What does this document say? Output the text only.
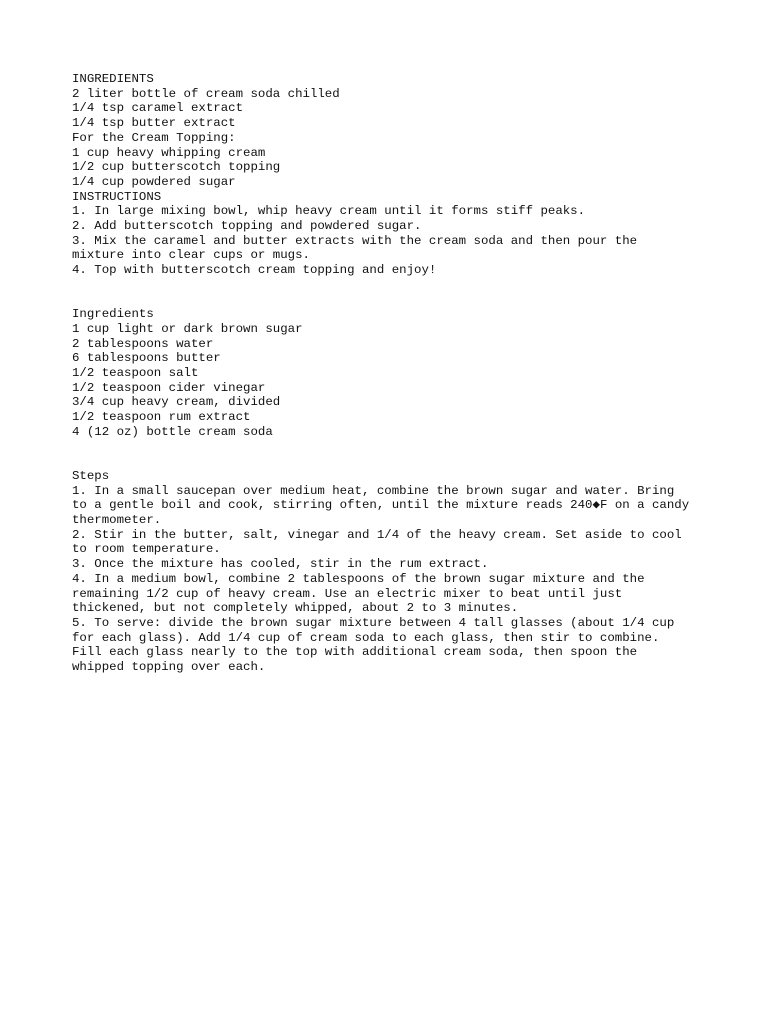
INGREDIENTS

2 liter bottle of cream soda chilled

1/4 tsp caramel extract

1/4 tsp butter extract

For the Cream Topping:

1 cup heavy whipping cream

1/2 cup butterscotch topping

1/4 cup powdered sugar

INSTRUCTIONS

1. In large mixing bowl, whip heavy cream until it forms stiff peaks.

2. Add butterscotch topping and powdered sugar.

3. Mix the caramel and butter extracts with the cream soda and then pour the

mixture into clear cups or mugs.

4. Top with butterscotch cream topping and enjoy!

Ingredients

1 cup light or dark brown sugar

2 tablespoons water

6 tablespoons butter

1/2 teaspoon salt

1/2 teaspoon cider vinegar

3/4 cup heavy cream, divided

1/2 teaspoon rum extract

4 (12 oz) bottle cream soda

Steps

1. In a small saucepan over medium heat, combine the brown sugar and water. Bring

to a gentle boil and cook, stirring often, until the mixture reads 240◆F on a candy

thermometer.

2. Stir in the butter, salt, vinegar and 1/4 of the heavy cream. Set aside to cool

to room temperature.

3. Once the mixture has cooled, stir in the rum extract.

4. In a medium bowl, combine 2 tablespoons of the brown sugar mixture and the

remaining 1/2 cup of heavy cream. Use an electric mixer to beat until just

thickened, but not completely whipped, about 2 to 3 minutes.

5. To serve: divide the brown sugar mixture between 4 tall glasses (about 1/4 cup

for each glass). Add 1/4 cup of cream soda to each glass, then stir to combine.

Fill each glass nearly to the top with additional cream soda, then spoon the

whipped topping over each.
